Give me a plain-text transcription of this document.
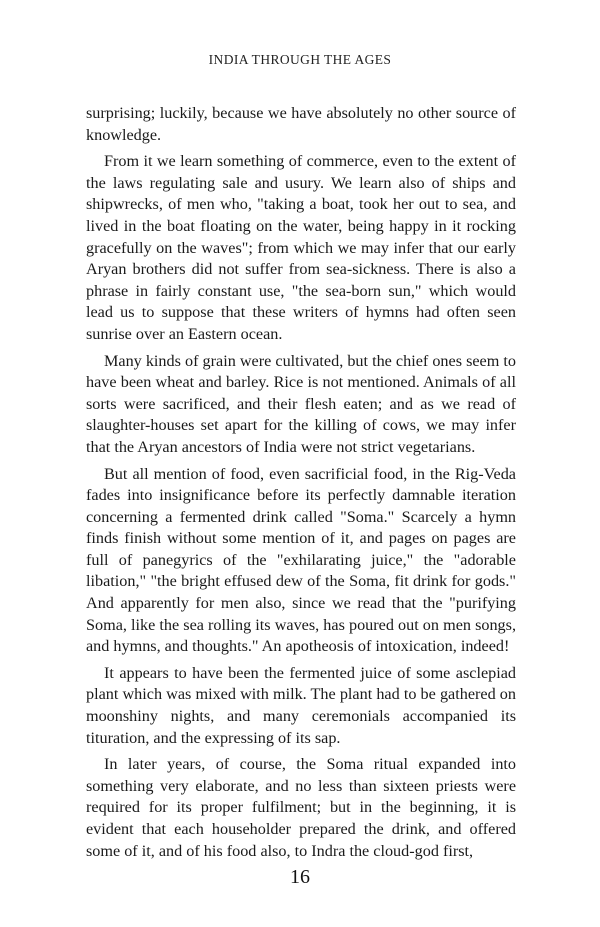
INDIA THROUGH THE AGES

surprising; luckily, because we have absolutely no other source of knowledge.

From it we learn something of commerce, even to the extent of the laws regulating sale and usury. We learn also of ships and shipwrecks, of men who, "taking a boat, took her out to sea, and lived in the boat floating on the water, being happy in it rocking gracefully on the waves"; from which we may infer that our early Aryan brothers did not suffer from sea-sickness. There is also a phrase in fairly constant use, "the sea-born sun," which would lead us to suppose that these writers of hymns had often seen sunrise over an Eastern ocean.

Many kinds of grain were cultivated, but the chief ones seem to have been wheat and barley. Rice is not mentioned. Animals of all sorts were sacrificed, and their flesh eaten; and as we read of slaughter-houses set apart for the killing of cows, we may infer that the Aryan ancestors of India were not strict vegetarians.

But all mention of food, even sacrificial food, in the Rig-Veda fades into insignificance before its perfectly damnable iteration concerning a fermented drink called "Soma." Scarcely a hymn finds finish without some mention of it, and pages on pages are full of panegyrics of the "exhilarating juice," the "adorable libation," "the bright effused dew of the Soma, fit drink for gods." And apparently for men also, since we read that the "purifying Soma, like the sea rolling its waves, has poured out on men songs, and hymns, and thoughts." An apotheosis of intoxication, indeed!

It appears to have been the fermented juice of some asclepiad plant which was mixed with milk. The plant had to be gathered on moonshiny nights, and many ceremonials accompanied its tituration, and the expressing of its sap.

In later years, of course, the Soma ritual expanded into something very elaborate, and no less than sixteen priests were required for its proper fulfilment; but in the beginning, it is evident that each householder prepared the drink, and offered some of it, and of his food also, to Indra the cloud-god first,

16
